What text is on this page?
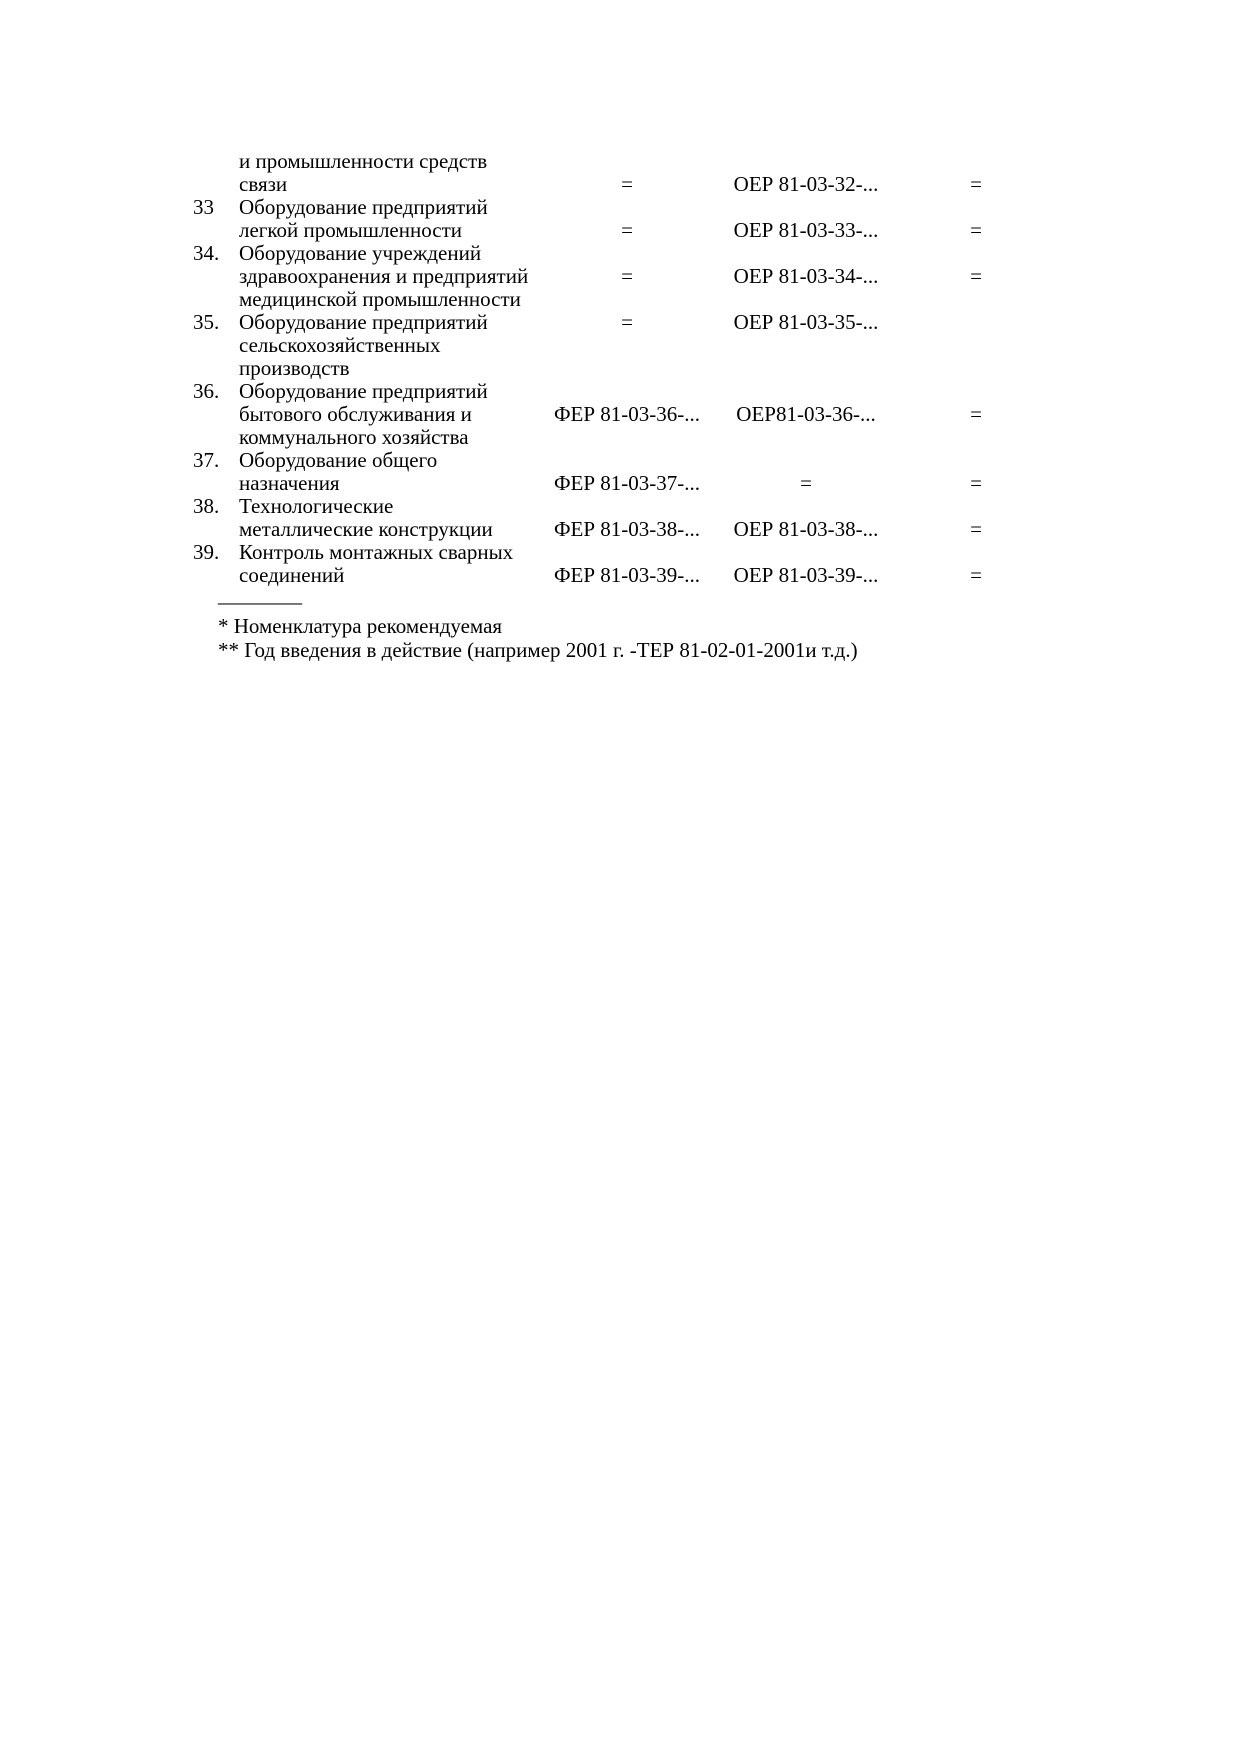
	и промышленности средств
связи	=	ОЕР 81-03-32-...	=
33	Оборудование предприятий
легкой промышленности	=	ОЕР 81-03-33-...	=
34.	Оборудование учреждений
здравоохранения и предприятий
медицинской промышленности	=	ОЕР 81-03-34-...	=
35.	Оборудование предприятий
сельскохозяйственных
производств	=	ОЕР 81-03-35-...	
36.	Оборудование предприятий
бытового обслуживания и
коммунального хозяйства	ФЕР 81-03-36-...	ОЕР81-03-36-...	=
37.	Оборудование общего
назначения	ФЕР 81-03-37-...	=	=
38.	Технологические
металлические конструкции	ФЕР 81-03-38-...	ОЕР 81-03-38-...	=
39.	Контроль монтажных сварных
соединений	ФЕР 81-03-39-...	ОЕР 81-03-39-...	=
________
* Номенклатура рекомендуемая
** Год введения в действие (например 2001 г. -ТЕР 81-02-01-2001и т.д.)
